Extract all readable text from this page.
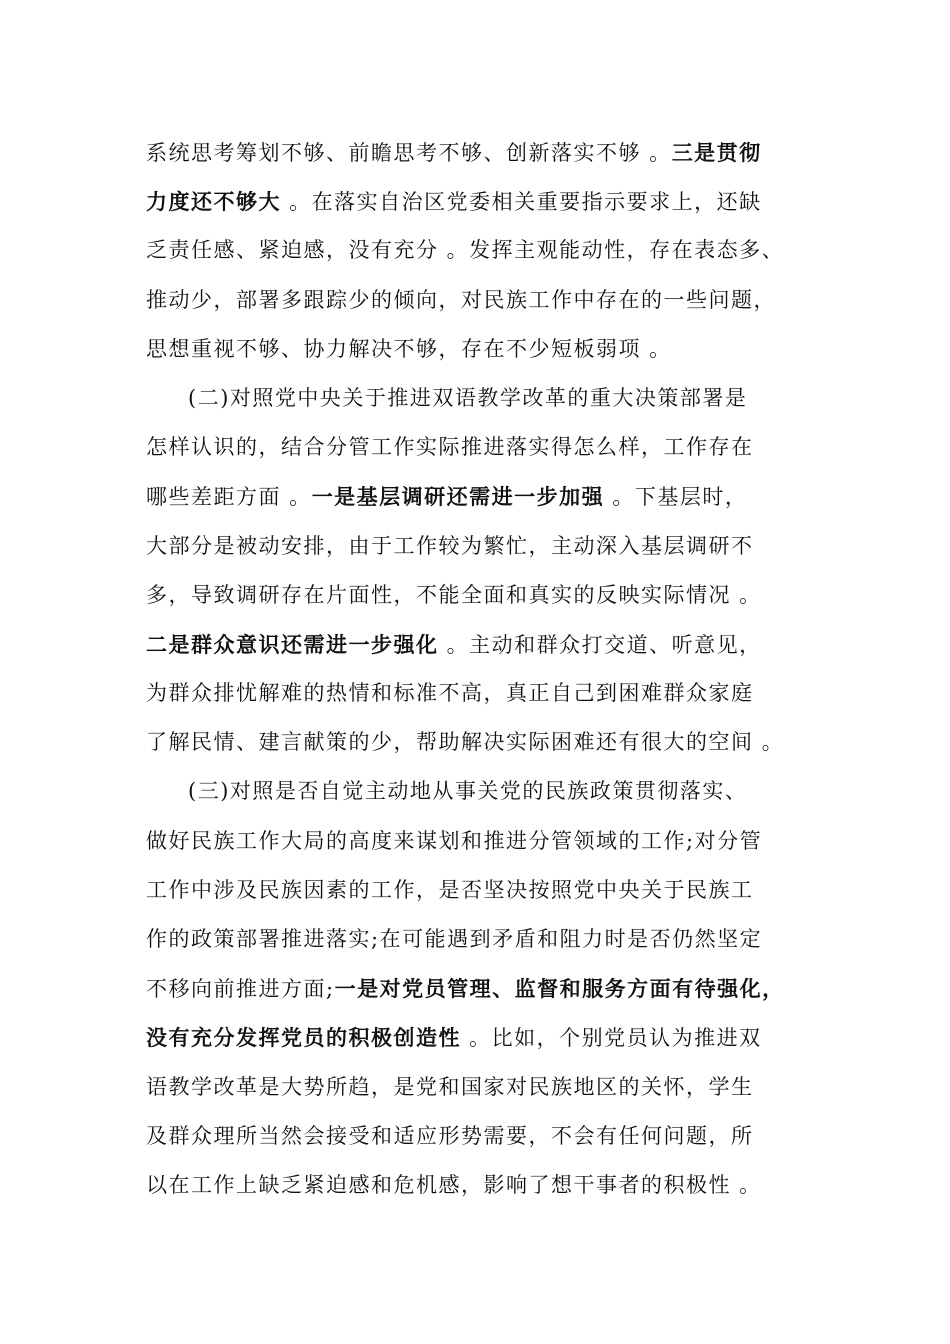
系统思考筹划不够、前瞻思考不够、创新落实不够 。三是贯彻
力度还不够大 。在落实自治区党委相关重要指示要求上，还缺
乏责任感、紧迫感，没有充分 。发挥主观能动性，存在表态多、
推动少，部署多跟踪少的倾向，对民族工作中存在的一些问题，
思想重视不够、协力解决不够，存在不少短板弱项 。
(二)对照党中央关于推进双语教学改革的重大决策部署是
怎样认识的，结合分管工作实际推进落实得怎么样，工作存在
哪些差距方面 。一是基层调研还需进一步加强 。下基层时，
大部分是被动安排，由于工作较为繁忙，主动深入基层调研不
多，导致调研存在片面性，不能全面和真实的反映实际情况 。
二是群众意识还需进一步强化 。主动和群众打交道、听意见，
为群众排忧解难的热情和标准不高，真正自己到困难群众家庭
了解民情、建言献策的少，帮助解决实际困难还有很大的空间 。
(三)对照是否自觉主动地从事关党的民族政策贯彻落实、
做好民族工作大局的高度来谋划和推进分管领域的工作;对分管
工作中涉及民族因素的工作，是否坚决按照党中央关于民族工
作的政策部署推进落实;在可能遇到矛盾和阻力时是否仍然坚定
不移向前推进方面;一是对党员管理、监督和服务方面有待强化，
没有充分发挥党员的积极创造性 。比如，个别党员认为推进双
语教学改革是大势所趋，是党和国家对民族地区的关怀，学生
及群众理所当然会接受和适应形势需要，不会有任何问题，所
以在工作上缺乏紧迫感和危机感，影响了想干事者的积极性 。
